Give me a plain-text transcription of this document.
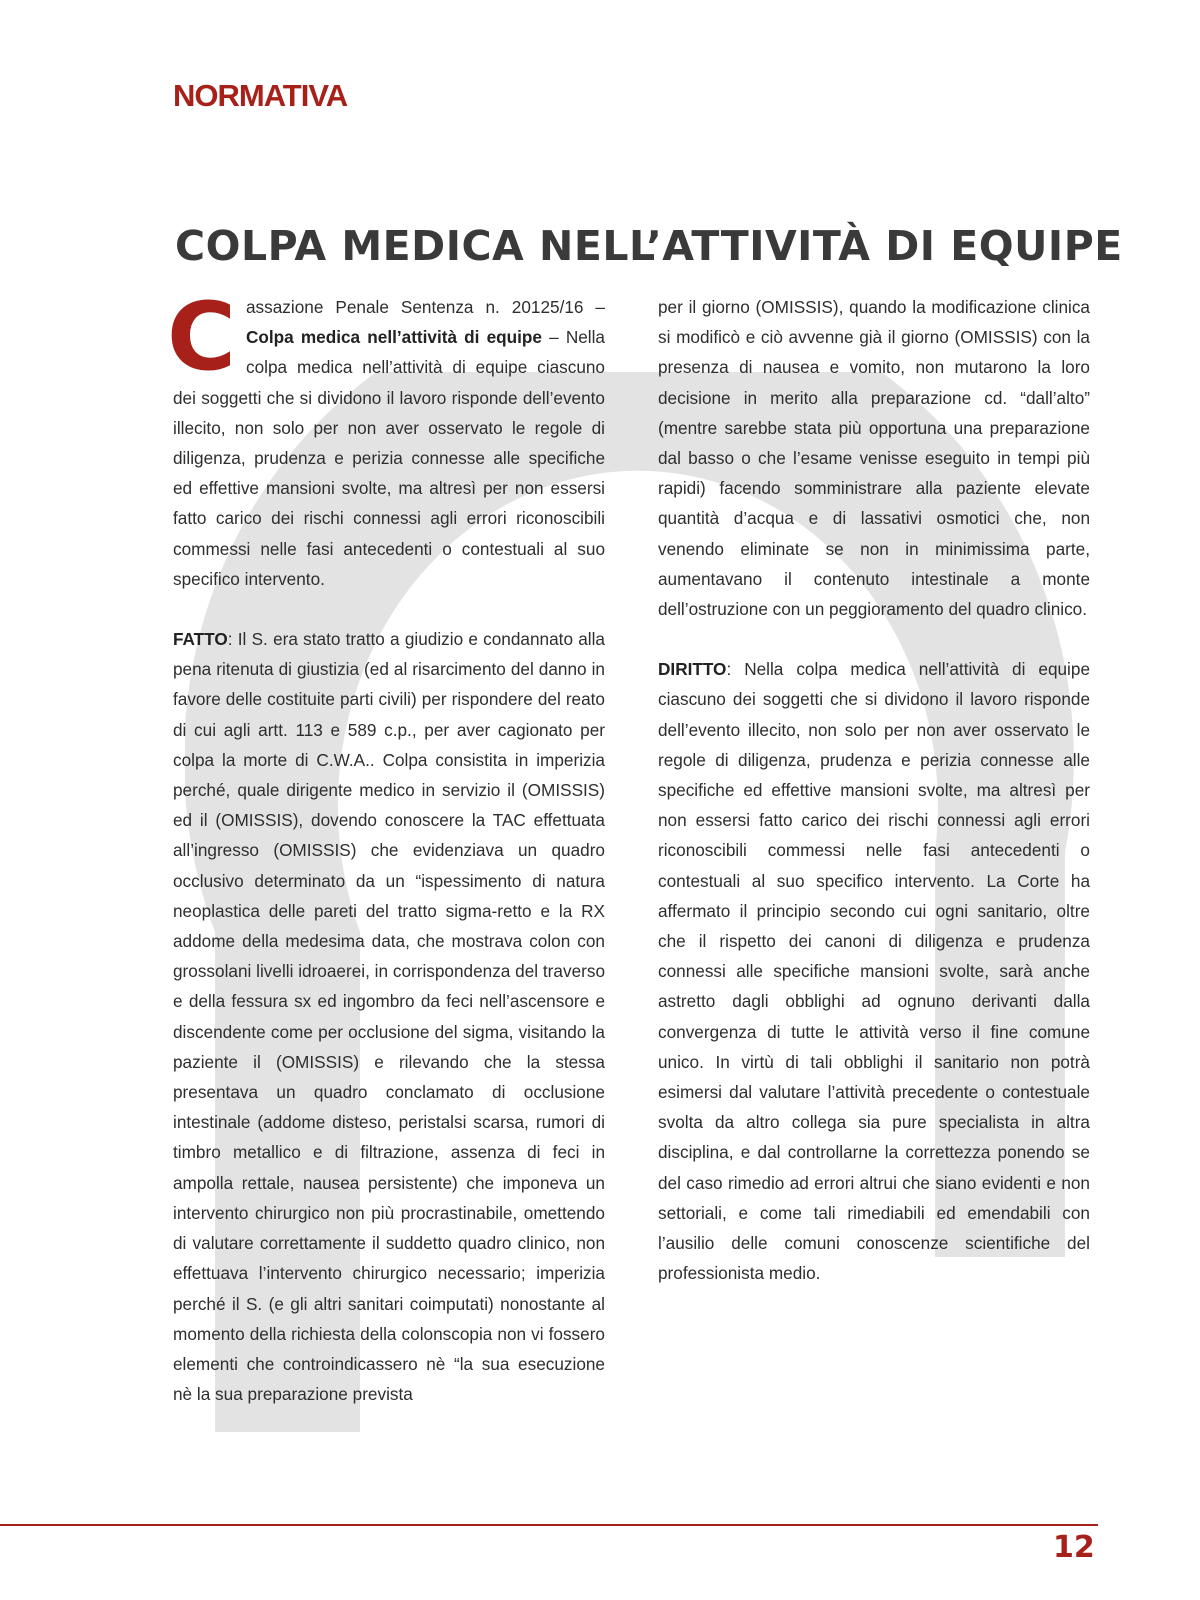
NORMATIVA
COLPA MEDICA NELL’ATTIVITÀ DI EQUIPE

Cassazione Penale Sentenza n. 20125/16 – Colpa medica nell’attività di equipe – Nella colpa medica nell’attività di equipe ciascuno dei soggetti che si dividono il lavoro risponde dell’evento illecito, non solo per non aver osservato le regole di diligenza, prudenza e perizia connesse alle specifiche ed effettive mansioni svolte, ma altresì per non essersi fatto carico dei rischi connessi agli errori riconoscibili commessi nelle fasi antecedenti o contestuali al suo specifico intervento.

FATTO: Il S. era stato tratto a giudizio e condannato alla pena ritenuta di giustizia (ed al risarcimento del danno in favore delle costituite parti civili) per rispondere del reato di cui agli artt. 113 e 589 c.p., per aver cagionato per colpa la morte di C.W.A.. Colpa consistita in imperizia perché, quale dirigente medico in servizio il (OMISSIS) ed il (OMISSIS), dovendo conoscere la TAC effettuata all’ingresso (OMISSIS) che evidenziava un quadro occlusivo determinato da un “ispessimento di natura neoplastica delle pareti del tratto sigma-retto e la RX addome della medesima data, che mostrava colon con grossolani livelli idroaerei, in corrispondenza del traverso e della fessura sx ed ingombro da feci nell’ascensore e discendente come per occlusione del sigma, visitando la paziente il (OMISSIS) e rilevando che la stessa presentava un quadro conclamato di occlusione intestinale (addome disteso, peristalsi scarsa, rumori di timbro metallico e di filtrazione, assenza di feci in ampolla rettale, nausea persistente) che imponeva un intervento chirurgico non più procrastinabile, omettendo di valutare correttamente il suddetto quadro clinico, non effettuava l’intervento chirurgico necessario; imperizia perché il S. (e gli altri sanitari coimputati) nonostante al momento della richiesta della colonscopia non vi fossero elementi che controindicassero nè “la sua esecuzione nè la sua preparazione prevista

per il giorno (OMISSIS), quando la modificazione clinica si modificò e ciò avvenne già il giorno (OMISSIS) con la presenza di nausea e vomito, non mutarono la loro decisione in merito alla preparazione cd. “dall’alto” (mentre sarebbe stata più opportuna una preparazione dal basso o che l’esame venisse eseguito in tempi più rapidi) facendo somministrare alla paziente elevate quantità d’acqua e di lassativi osmotici che, non venendo eliminate se non in minimissima parte, aumentavano il contenuto intestinale a monte dell’ostruzione con un peggioramento del quadro clinico.

DIRITTO: Nella colpa medica nell’attività di equipe ciascuno dei soggetti che si dividono il lavoro risponde dell’evento illecito, non solo per non aver osservato le regole di diligenza, prudenza e perizia connesse alle specifiche ed effettive mansioni svolte, ma altresì per non essersi fatto carico dei rischi connessi agli errori riconoscibili commessi nelle fasi antecedenti o contestuali al suo specifico intervento. La Corte ha affermato il principio secondo cui ogni sanitario, oltre che il rispetto dei canoni di diligenza e prudenza connessi alle specifiche mansioni svolte, sarà anche astretto dagli obblighi ad ognuno derivanti dalla convergenza di tutte le attività verso il fine comune unico. In virtù di tali obblighi il sanitario non potrà esimersi dal valutare l’attività precedente o contestuale svolta da altro collega sia pure specialista in altra disciplina, e dal controllarne la correttezza ponendo se del caso rimedio ad errori altrui che siano evidenti e non settoriali, e come tali rimediabili ed emendabili con l’ausilio delle comuni conoscenze scientifiche del professionista medio.

12
